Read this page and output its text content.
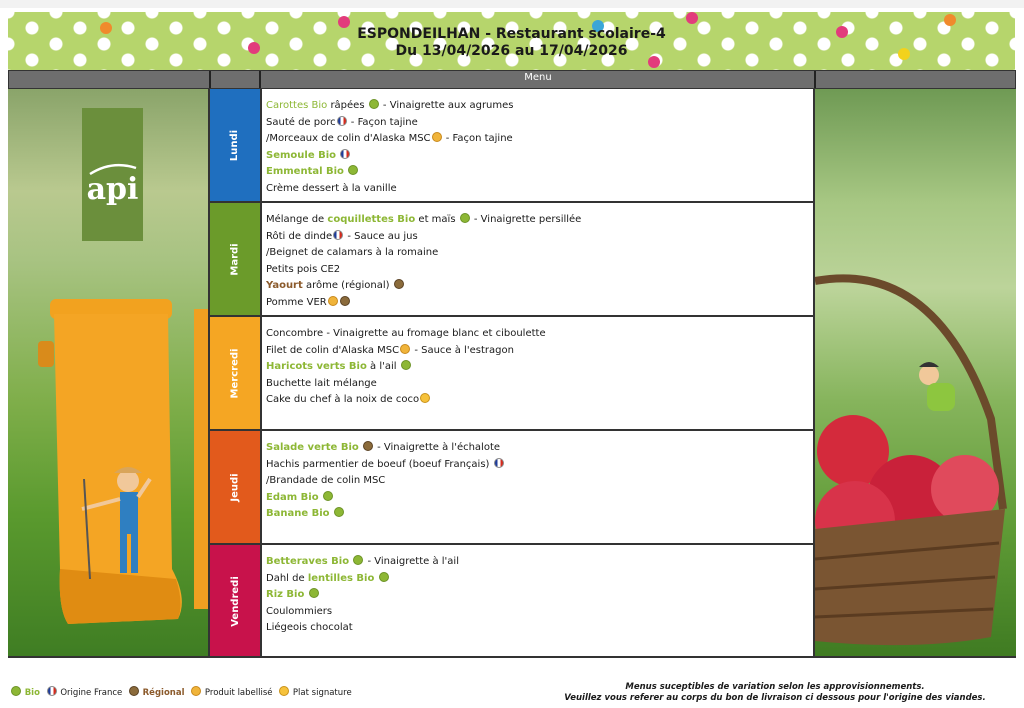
ESPONDEILHAN - Restaurant scolaire-4
Du 13/04/2026 au 17/04/2026
Menu
api
Lundi
Mardi
Mercredi
Jeudi
Vendredi
Carottes Bio râpées  - Vinaigrette aux agrumes
Sauté de porc - Façon tajine
/Morceaux de colin d'Alaska MSC - Façon tajine
Semoule Bio
Emmental Bio
Crème dessert à la vanille
Mélange de coquillettes Bio et maïs  - Vinaigrette persillée
Rôti de dinde - Sauce au jus
/Beignet de calamars à la romaine
Petits pois CE2
Yaourt arôme (régional)
Pomme VER
Concombre - Vinaigrette au fromage blanc et ciboulette
Filet de colin d'Alaska MSC - Sauce à l'estragon
Haricots verts Bio à l'ail
Buchette lait mélange
Cake du chef à la noix de coco
Salade verte Bio  - Vinaigrette à l'échalote
Hachis parmentier de boeuf (boeuf Français)
/Brandade de colin MSC
Edam Bio
Banane Bio
Betteraves Bio  - Vinaigrette à l'ail
Dahl de lentilles Bio
Riz Bio
Coulommiers
Liégeois chocolat
Bio Origine France Régional Produit labellisé Plat signature
Menus suceptibles de variation selon les approvisionnements.
Veuillez vous referer au corps du bon de livraison ci dessous pour l'origine des viandes.
